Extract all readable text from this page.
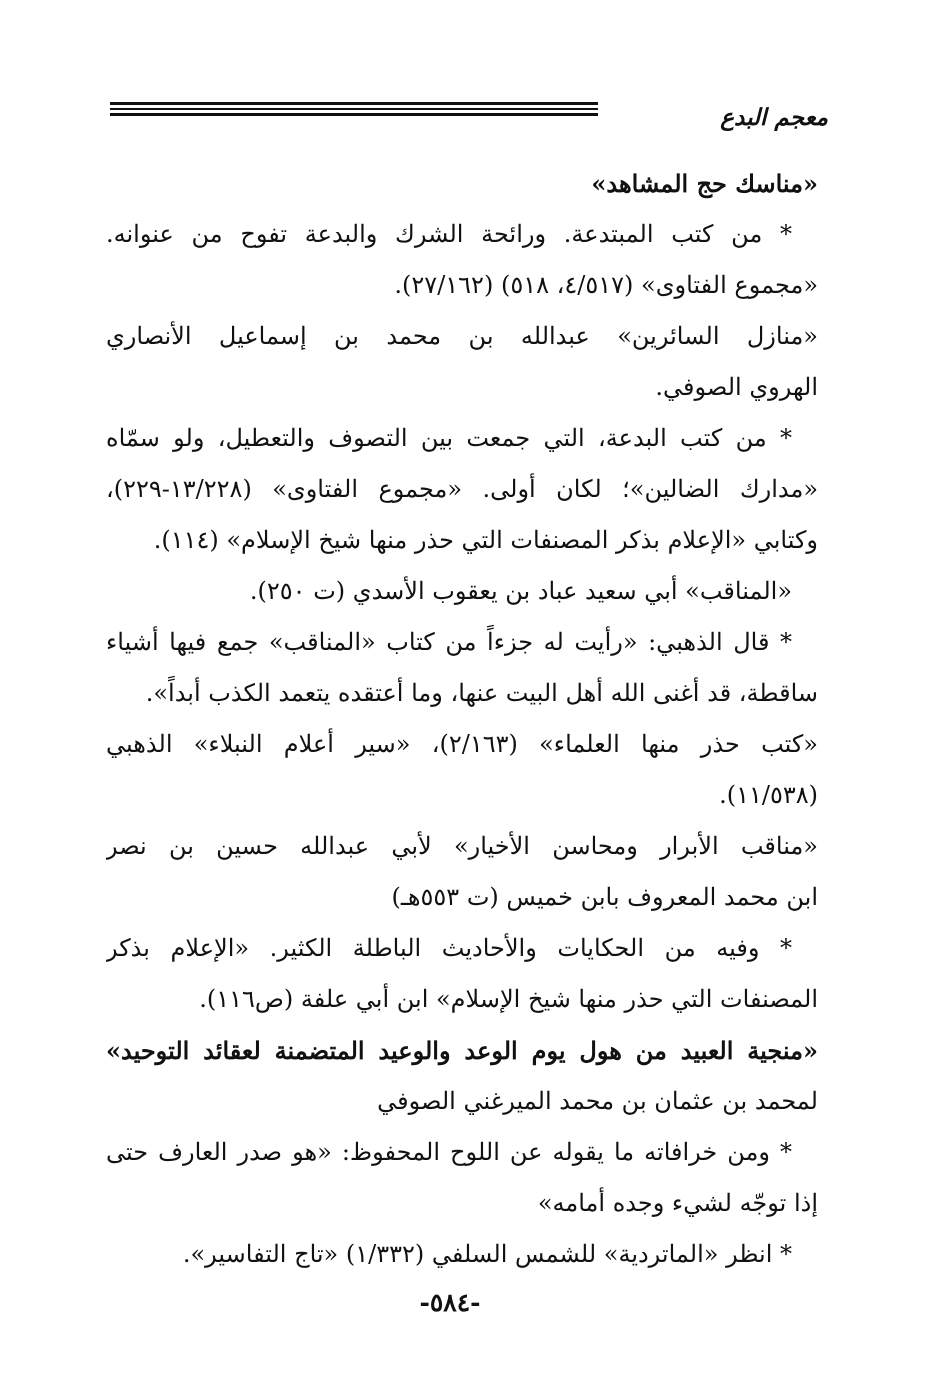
معجم البدع
«مناسك حج المشاهد»
* من كتب المبتدعة. ورائحة الشرك والبدعة تفوح من عنوانه.
«مجموع الفتاوى» (٤/٥١٧، ٥١٨) (٢٧/١٦٢).
«منازل السائرين» عبدالله بن محمد بن إسماعيل الأنصاري
الهروي الصوفي.
* من كتب البدعة، التي جمعت بين التصوف والتعطيل، ولو سمّاه
«مدارك الضالين»؛ لكان أولى. «مجموع الفتاوى» (١٣/٢٢٨-٢٢٩)،
وكتابي «الإعلام بذكر المصنفات التي حذر منها شيخ الإسلام» (١١٤).
«المناقب» أبي سعيد عباد بن يعقوب الأسدي (ت ٢٥٠).
* قال الذهبي: «رأيت له جزءاً من كتاب «المناقب» جمع فيها أشياء
ساقطة، قد أغنى الله أهل البيت عنها، وما أعتقده يتعمد الكذب أبداً».
«كتب حذر منها العلماء» (٢/١٦٣)، «سير أعلام النبلاء» الذهبي
(١١/٥٣٨).
«مناقب الأبرار ومحاسن الأخيار» لأبي عبدالله حسين بن نصر
ابن محمد المعروف بابن خميس (ت ٥٥٣هـ)
* وفيه من الحكايات والأحاديث الباطلة الكثير. «الإعلام بذكر
المصنفات التي حذر منها شيخ الإسلام» ابن أبي علفة (ص١١٦).
«منجية العبيد من هول يوم الوعد والوعيد المتضمنة لعقائد التوحيد»
لمحمد بن عثمان بن محمد الميرغني الصوفي
* ومن خرافاته ما يقوله عن اللوح المحفوظ: «هو صدر العارف حتى
إذا توجّه لشيء وجده أمامه»
* انظر «الماتردية» للشمس السلفي (١/٣٣٢) «تاج التفاسير».
-٥٨٤-
